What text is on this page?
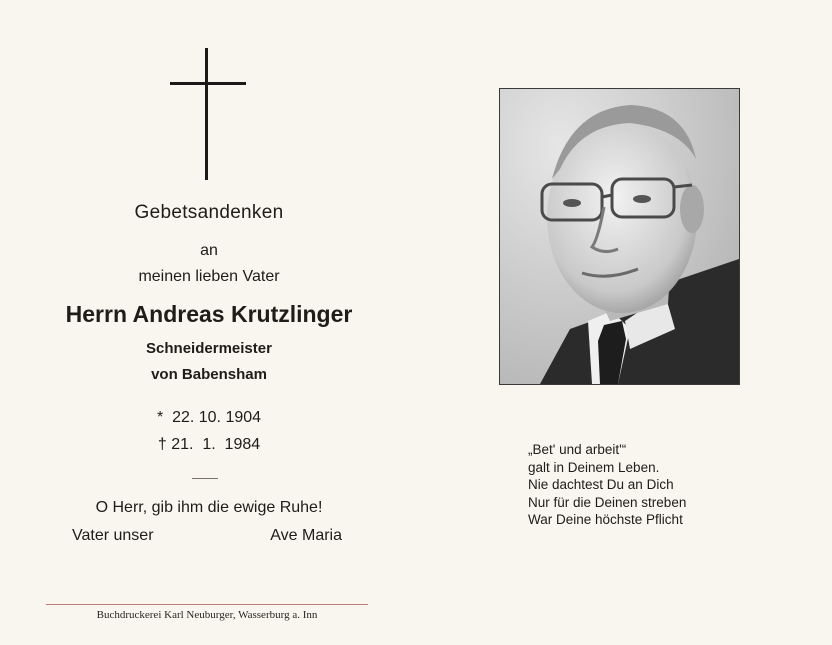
Gebetsandenken
an
meinen lieben Vater
Herrn Andreas Krutzlinger
Schneidermeister
von Babensham
*  22. 10. 1904
† 21.  1.  1984
O Herr, gib ihm die ewige Ruhe!
Vater unser	Ave Maria
Buchdruckerei Karl Neuburger, Wasserburg a. Inn
„Bet' und arbeit'“
galt in Deinem Leben.
Nie dachtest Du an Dich
Nur für die Deinen streben
War Deine höchste Pflicht
